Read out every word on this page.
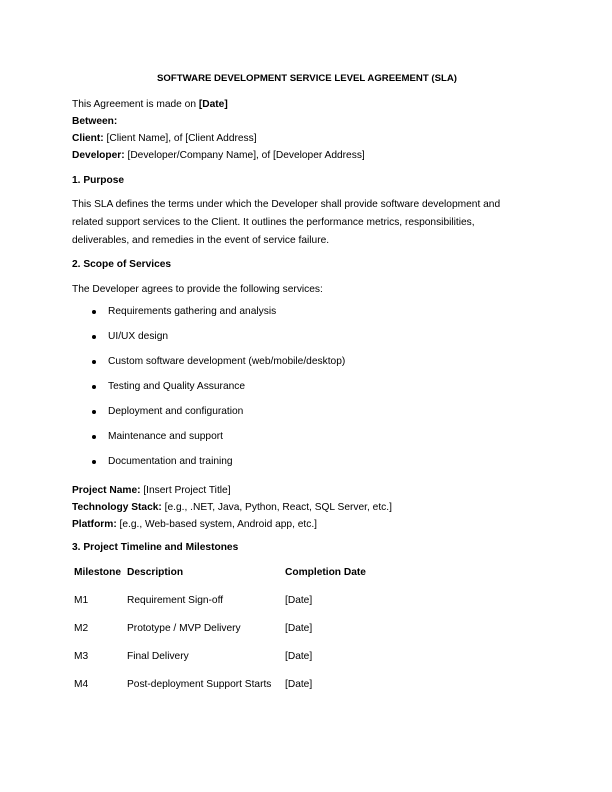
SOFTWARE DEVELOPMENT SERVICE LEVEL AGREEMENT (SLA)
This Agreement is made on [Date]
Between:
Client: [Client Name], of [Client Address]
Developer: [Developer/Company Name], of [Developer Address]
1. Purpose

This SLA defines the terms under which the Developer shall provide software development and

related support services to the Client. It outlines the performance metrics, responsibilities,

deliverables, and remedies in the event of service failure.

2. Scope of Services
The Developer agrees to provide the following services:
Requirements gathering and analysis
UI/UX design
Custom software development (web/mobile/desktop)
Testing and Quality Assurance
Deployment and configuration
Maintenance and support
Documentation and training
Project Name: [Insert Project Title]
Technology Stack: [e.g., .NET, Java, Python, React, SQL Server, etc.]
Platform: [e.g., Web-based system, Android app, etc.]
3. Project Timeline and Milestones
Milestone	Description	Completion Date
M1	Requirement Sign-off	[Date]
M2	Prototype / MVP Delivery	[Date]
M3	Final Delivery	[Date]
M4	Post-deployment Support Starts	[Date]
